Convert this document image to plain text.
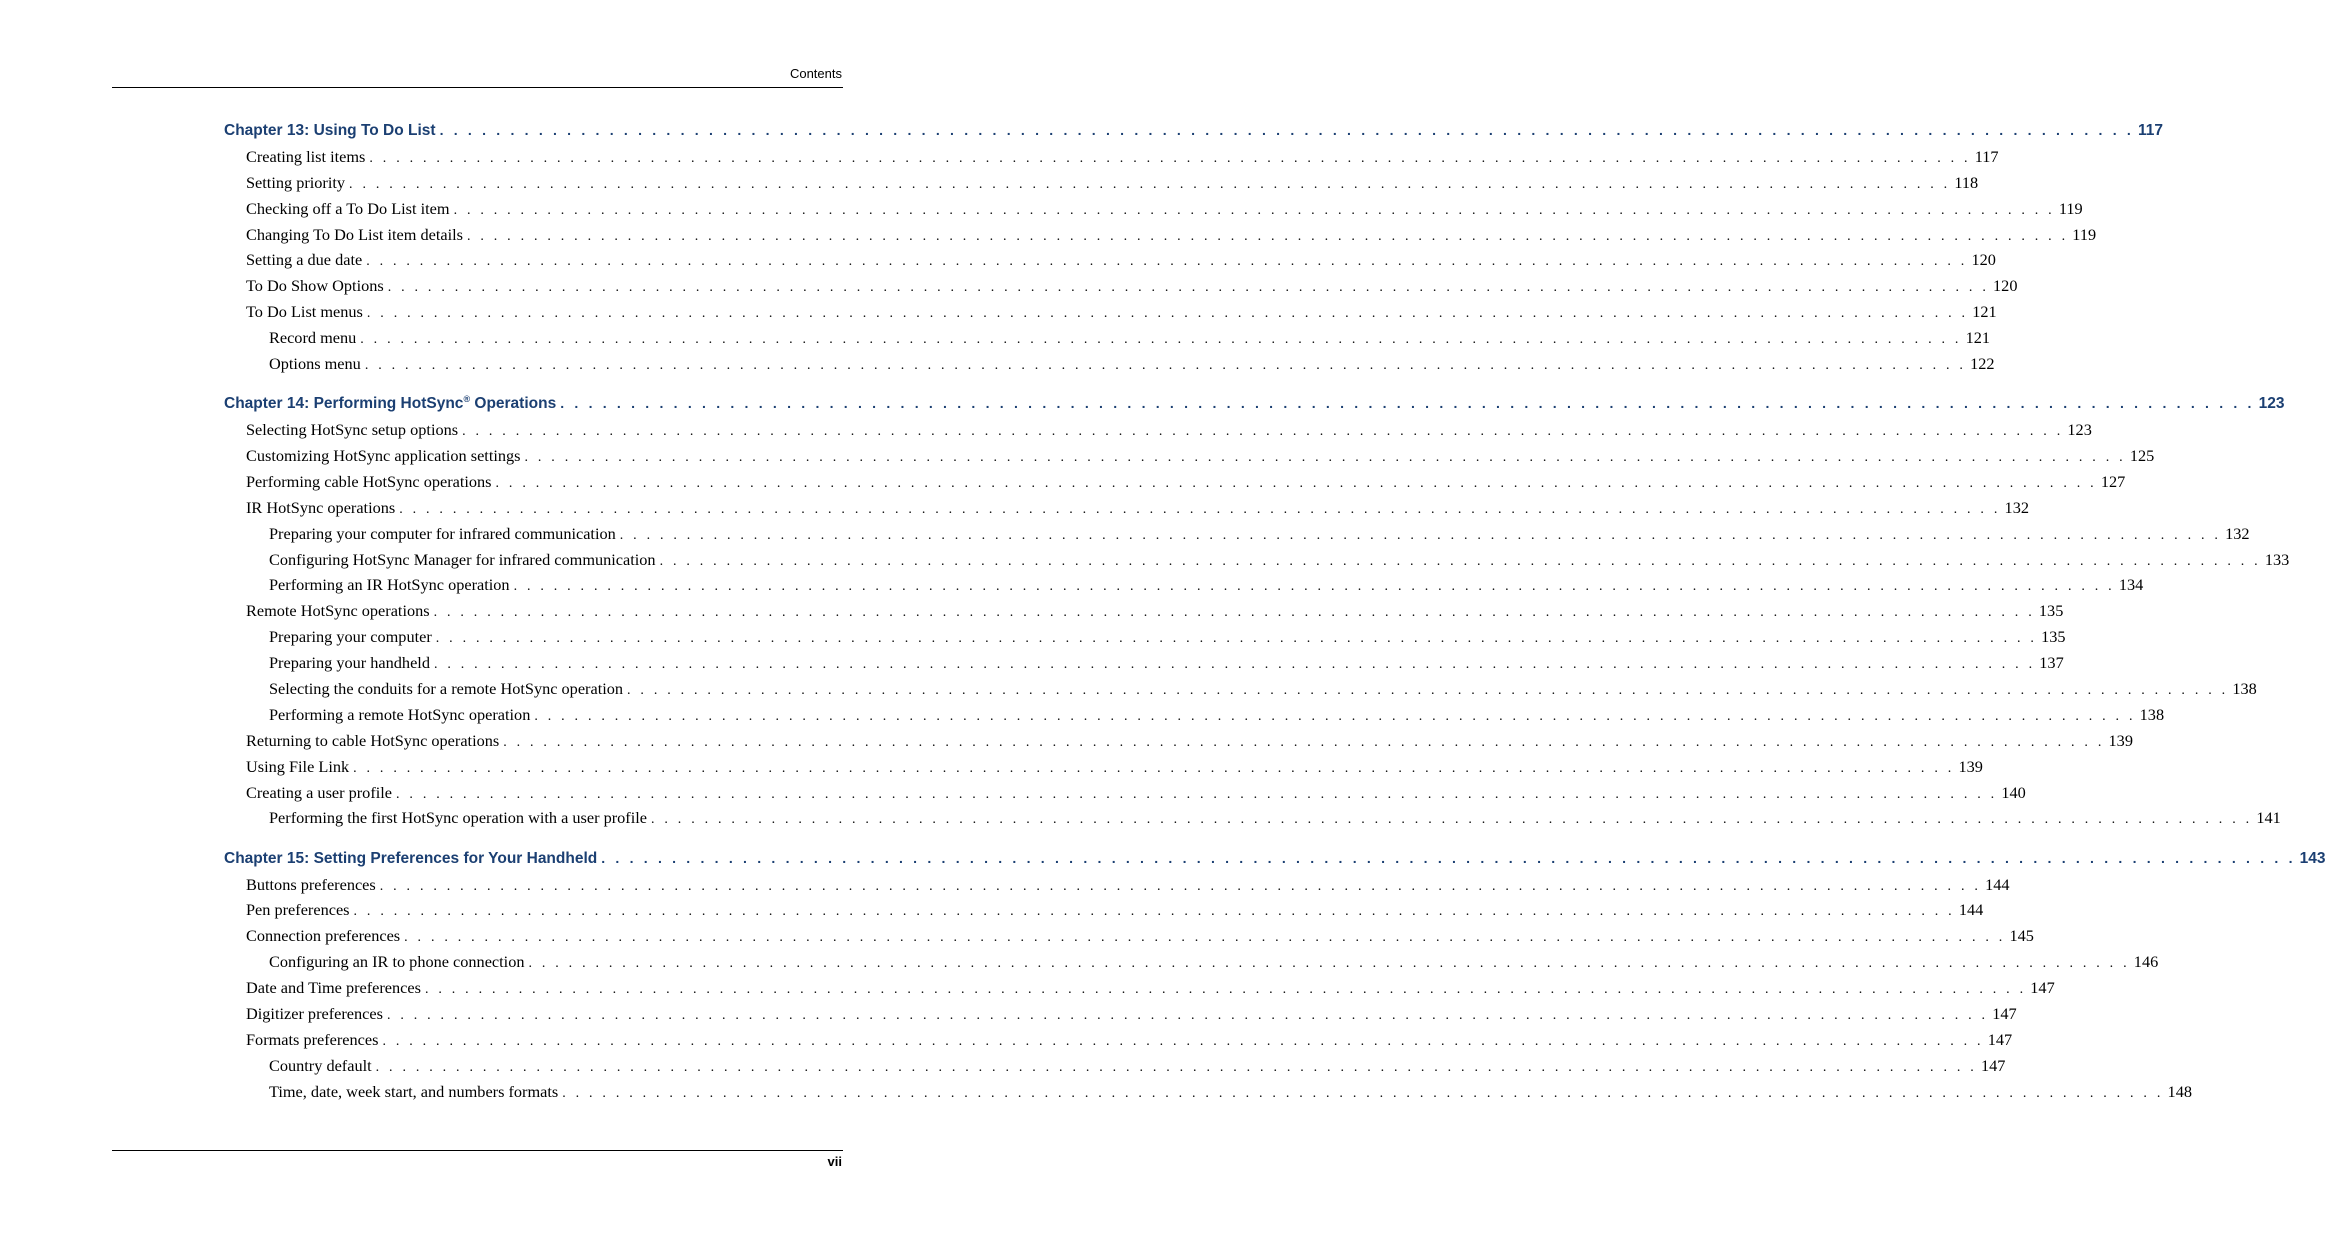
Contents
Chapter 13: Using To Do List . . . . . . . . . . . . . . . . . . . . . . . . . . . . . . . . . . . . . . . . . . . . . . . . . . . . . . . . . . . . . . . . . . . . . . . . . . . . . . . . . . . . . . . . . . . . . . . . . . . . . . . . . . . . . . . . . . . . . . . . 117
Creating list items . . . . . . . . . . . . . . . . . . . . . . . . . . . . . . . . . . . . . . . . . . . . . . . . . . . . . . . . . . . . . . . . . . . . . . . . . . . . . . . . . . . . . . . . . . . . . . . . . . . . . . . . . . . . . . . . . . . . . . . . 117
Setting priority . . . . . . . . . . . . . . . . . . . . . . . . . . . . . . . . . . . . . . . . . . . . . . . . . . . . . . . . . . . . . . . . . . . . . . . . . . . . . . . . . . . . . . . . . . . . . . . . . . . . . . . . . . . . . . . . . . . . . . . . 118
Checking off a To Do List item . . . . . . . . . . . . . . . . . . . . . . . . . . . . . . . . . . . . . . . . . . . . . . . . . . . . . . . . . . . . . . . . . . . . . . . . . . . . . . . . . . . . . . . . . . . . . . . . . . . . . . . . . . . . . . . . . . . . . . . . 119
Changing To Do List item details . . . . . . . . . . . . . . . . . . . . . . . . . . . . . . . . . . . . . . . . . . . . . . . . . . . . . . . . . . . . . . . . . . . . . . . . . . . . . . . . . . . . . . . . . . . . . . . . . . . . . . . . . . . . . . . . . . . . . . . . 119
Setting a due date . . . . . . . . . . . . . . . . . . . . . . . . . . . . . . . . . . . . . . . . . . . . . . . . . . . . . . . . . . . . . . . . . . . . . . . . . . . . . . . . . . . . . . . . . . . . . . . . . . . . . . . . . . . . . . . . . . . . . . . . 120
To Do Show Options . . . . . . . . . . . . . . . . . . . . . . . . . . . . . . . . . . . . . . . . . . . . . . . . . . . . . . . . . . . . . . . . . . . . . . . . . . . . . . . . . . . . . . . . . . . . . . . . . . . . . . . . . . . . . . . . . . . . . . . . 120
To Do List menus . . . . . . . . . . . . . . . . . . . . . . . . . . . . . . . . . . . . . . . . . . . . . . . . . . . . . . . . . . . . . . . . . . . . . . . . . . . . . . . . . . . . . . . . . . . . . . . . . . . . . . . . . . . . . . . . . . . . . . . . 121
Record menu . . . . . . . . . . . . . . . . . . . . . . . . . . . . . . . . . . . . . . . . . . . . . . . . . . . . . . . . . . . . . . . . . . . . . . . . . . . . . . . . . . . . . . . . . . . . . . . . . . . . . . . . . . . . . . . . . . . . . . . . 121
Options menu . . . . . . . . . . . . . . . . . . . . . . . . . . . . . . . . . . . . . . . . . . . . . . . . . . . . . . . . . . . . . . . . . . . . . . . . . . . . . . . . . . . . . . . . . . . . . . . . . . . . . . . . . . . . . . . . . . . . . . . . 122
Chapter 14: Performing HotSync® Operations . . . . . . . . . . . . . . . . . . . . . . . . . . . . . . . . . . . . . . . . . . . . . . . . . . . . . . . . . . . . . . . . . . . . . . . . . . . . . . . . . . . . . . . . . . . . . . . . . . . . . . . . . . . . . . . . . . . . . . . . 123
Selecting HotSync setup options . . . . . . . . . . . . . . . . . . . . . . . . . . . . . . . . . . . . . . . . . . . . . . . . . . . . . . . . . . . . . . . . . . . . . . . . . . . . . . . . . . . . . . . . . . . . . . . . . . . . . . . . . . . . . . . . . . . . . . . . 123
Customizing HotSync application settings . . . . . . . . . . . . . . . . . . . . . . . . . . . . . . . . . . . . . . . . . . . . . . . . . . . . . . . . . . . . . . . . . . . . . . . . . . . . . . . . . . . . . . . . . . . . . . . . . . . . . . . . . . . . . . . . . . . . . . . . 125
Performing cable HotSync operations . . . . . . . . . . . . . . . . . . . . . . . . . . . . . . . . . . . . . . . . . . . . . . . . . . . . . . . . . . . . . . . . . . . . . . . . . . . . . . . . . . . . . . . . . . . . . . . . . . . . . . . . . . . . . . . . . . . . . . . . 127
IR HotSync operations . . . . . . . . . . . . . . . . . . . . . . . . . . . . . . . . . . . . . . . . . . . . . . . . . . . . . . . . . . . . . . . . . . . . . . . . . . . . . . . . . . . . . . . . . . . . . . . . . . . . . . . . . . . . . . . . . . . . . . . . 132
Preparing your computer for infrared communication . . . . . . . . . . . . . . . . . . . . . . . . . . . . . . . . . . . . . . . . . . . . . . . . . . . . . . . . . . . . . . . . . . . . . . . . . . . . . . . . . . . . . . . . . . . . . . . . . . . . . . . . . . . . . . . . . . . . . . . . 132
Configuring HotSync Manager for infrared communication . . . . . . . . . . . . . . . . . . . . . . . . . . . . . . . . . . . . . . . . . . . . . . . . . . . . . . . . . . . . . . . . . . . . . . . . . . . . . . . . . . . . . . . . . . . . . . . . . . . . . . . . . . . . . . . . . . . . . . . . 133
Performing an IR HotSync operation . . . . . . . . . . . . . . . . . . . . . . . . . . . . . . . . . . . . . . . . . . . . . . . . . . . . . . . . . . . . . . . . . . . . . . . . . . . . . . . . . . . . . . . . . . . . . . . . . . . . . . . . . . . . . . . . . . . . . . . . 134
Remote HotSync operations . . . . . . . . . . . . . . . . . . . . . . . . . . . . . . . . . . . . . . . . . . . . . . . . . . . . . . . . . . . . . . . . . . . . . . . . . . . . . . . . . . . . . . . . . . . . . . . . . . . . . . . . . . . . . . . . . . . . . . . . 135
Preparing your computer . . . . . . . . . . . . . . . . . . . . . . . . . . . . . . . . . . . . . . . . . . . . . . . . . . . . . . . . . . . . . . . . . . . . . . . . . . . . . . . . . . . . . . . . . . . . . . . . . . . . . . . . . . . . . . . . . . . . . . . . 135
Preparing your handheld . . . . . . . . . . . . . . . . . . . . . . . . . . . . . . . . . . . . . . . . . . . . . . . . . . . . . . . . . . . . . . . . . . . . . . . . . . . . . . . . . . . . . . . . . . . . . . . . . . . . . . . . . . . . . . . . . . . . . . . . 137
Selecting the conduits for a remote HotSync operation . . . . . . . . . . . . . . . . . . . . . . . . . . . . . . . . . . . . . . . . . . . . . . . . . . . . . . . . . . . . . . . . . . . . . . . . . . . . . . . . . . . . . . . . . . . . . . . . . . . . . . . . . . . . . . . . . . . . . . . . 138
Performing a remote HotSync operation . . . . . . . . . . . . . . . . . . . . . . . . . . . . . . . . . . . . . . . . . . . . . . . . . . . . . . . . . . . . . . . . . . . . . . . . . . . . . . . . . . . . . . . . . . . . . . . . . . . . . . . . . . . . . . . . . . . . . . . . 138
Returning to cable HotSync operations . . . . . . . . . . . . . . . . . . . . . . . . . . . . . . . . . . . . . . . . . . . . . . . . . . . . . . . . . . . . . . . . . . . . . . . . . . . . . . . . . . . . . . . . . . . . . . . . . . . . . . . . . . . . . . . . . . . . . . . . 139
Using File Link . . . . . . . . . . . . . . . . . . . . . . . . . . . . . . . . . . . . . . . . . . . . . . . . . . . . . . . . . . . . . . . . . . . . . . . . . . . . . . . . . . . . . . . . . . . . . . . . . . . . . . . . . . . . . . . . . . . . . . . . 139
Creating a user profile . . . . . . . . . . . . . . . . . . . . . . . . . . . . . . . . . . . . . . . . . . . . . . . . . . . . . . . . . . . . . . . . . . . . . . . . . . . . . . . . . . . . . . . . . . . . . . . . . . . . . . . . . . . . . . . . . . . . . . . . 140
Performing the first HotSync operation with a user profile . . . . . . . . . . . . . . . . . . . . . . . . . . . . . . . . . . . . . . . . . . . . . . . . . . . . . . . . . . . . . . . . . . . . . . . . . . . . . . . . . . . . . . . . . . . . . . . . . . . . . . . . . . . . . . . . . . . . . . . . 141
Chapter 15: Setting Preferences for Your Handheld . . . . . . . . . . . . . . . . . . . . . . . . . . . . . . . . . . . . . . . . . . . . . . . . . . . . . . . . . . . . . . . . . . . . . . . . . . . . . . . . . . . . . . . . . . . . . . . . . . . . . . . . . . . . . . . . . . . . . . . . 143
Buttons preferences . . . . . . . . . . . . . . . . . . . . . . . . . . . . . . . . . . . . . . . . . . . . . . . . . . . . . . . . . . . . . . . . . . . . . . . . . . . . . . . . . . . . . . . . . . . . . . . . . . . . . . . . . . . . . . . . . . . . . . . . 144
Pen preferences . . . . . . . . . . . . . . . . . . . . . . . . . . . . . . . . . . . . . . . . . . . . . . . . . . . . . . . . . . . . . . . . . . . . . . . . . . . . . . . . . . . . . . . . . . . . . . . . . . . . . . . . . . . . . . . . . . . . . . . . 144
Connection preferences . . . . . . . . . . . . . . . . . . . . . . . . . . . . . . . . . . . . . . . . . . . . . . . . . . . . . . . . . . . . . . . . . . . . . . . . . . . . . . . . . . . . . . . . . . . . . . . . . . . . . . . . . . . . . . . . . . . . . . . . 145
Configuring an IR to phone connection . . . . . . . . . . . . . . . . . . . . . . . . . . . . . . . . . . . . . . . . . . . . . . . . . . . . . . . . . . . . . . . . . . . . . . . . . . . . . . . . . . . . . . . . . . . . . . . . . . . . . . . . . . . . . . . . . . . . . . . . 146
Date and Time preferences . . . . . . . . . . . . . . . . . . . . . . . . . . . . . . . . . . . . . . . . . . . . . . . . . . . . . . . . . . . . . . . . . . . . . . . . . . . . . . . . . . . . . . . . . . . . . . . . . . . . . . . . . . . . . . . . . . . . . . . . 147
Digitizer preferences . . . . . . . . . . . . . . . . . . . . . . . . . . . . . . . . . . . . . . . . . . . . . . . . . . . . . . . . . . . . . . . . . . . . . . . . . . . . . . . . . . . . . . . . . . . . . . . . . . . . . . . . . . . . . . . . . . . . . . . . 147
Formats preferences . . . . . . . . . . . . . . . . . . . . . . . . . . . . . . . . . . . . . . . . . . . . . . . . . . . . . . . . . . . . . . . . . . . . . . . . . . . . . . . . . . . . . . . . . . . . . . . . . . . . . . . . . . . . . . . . . . . . . . . . 147
Country default . . . . . . . . . . . . . . . . . . . . . . . . . . . . . . . . . . . . . . . . . . . . . . . . . . . . . . . . . . . . . . . . . . . . . . . . . . . . . . . . . . . . . . . . . . . . . . . . . . . . . . . . . . . . . . . . . . . . . . . . 147
Time, date, week start, and numbers formats . . . . . . . . . . . . . . . . . . . . . . . . . . . . . . . . . . . . . . . . . . . . . . . . . . . . . . . . . . . . . . . . . . . . . . . . . . . . . . . . . . . . . . . . . . . . . . . . . . . . . . . . . . . . . . . . . . . . . . . . 148
vii
